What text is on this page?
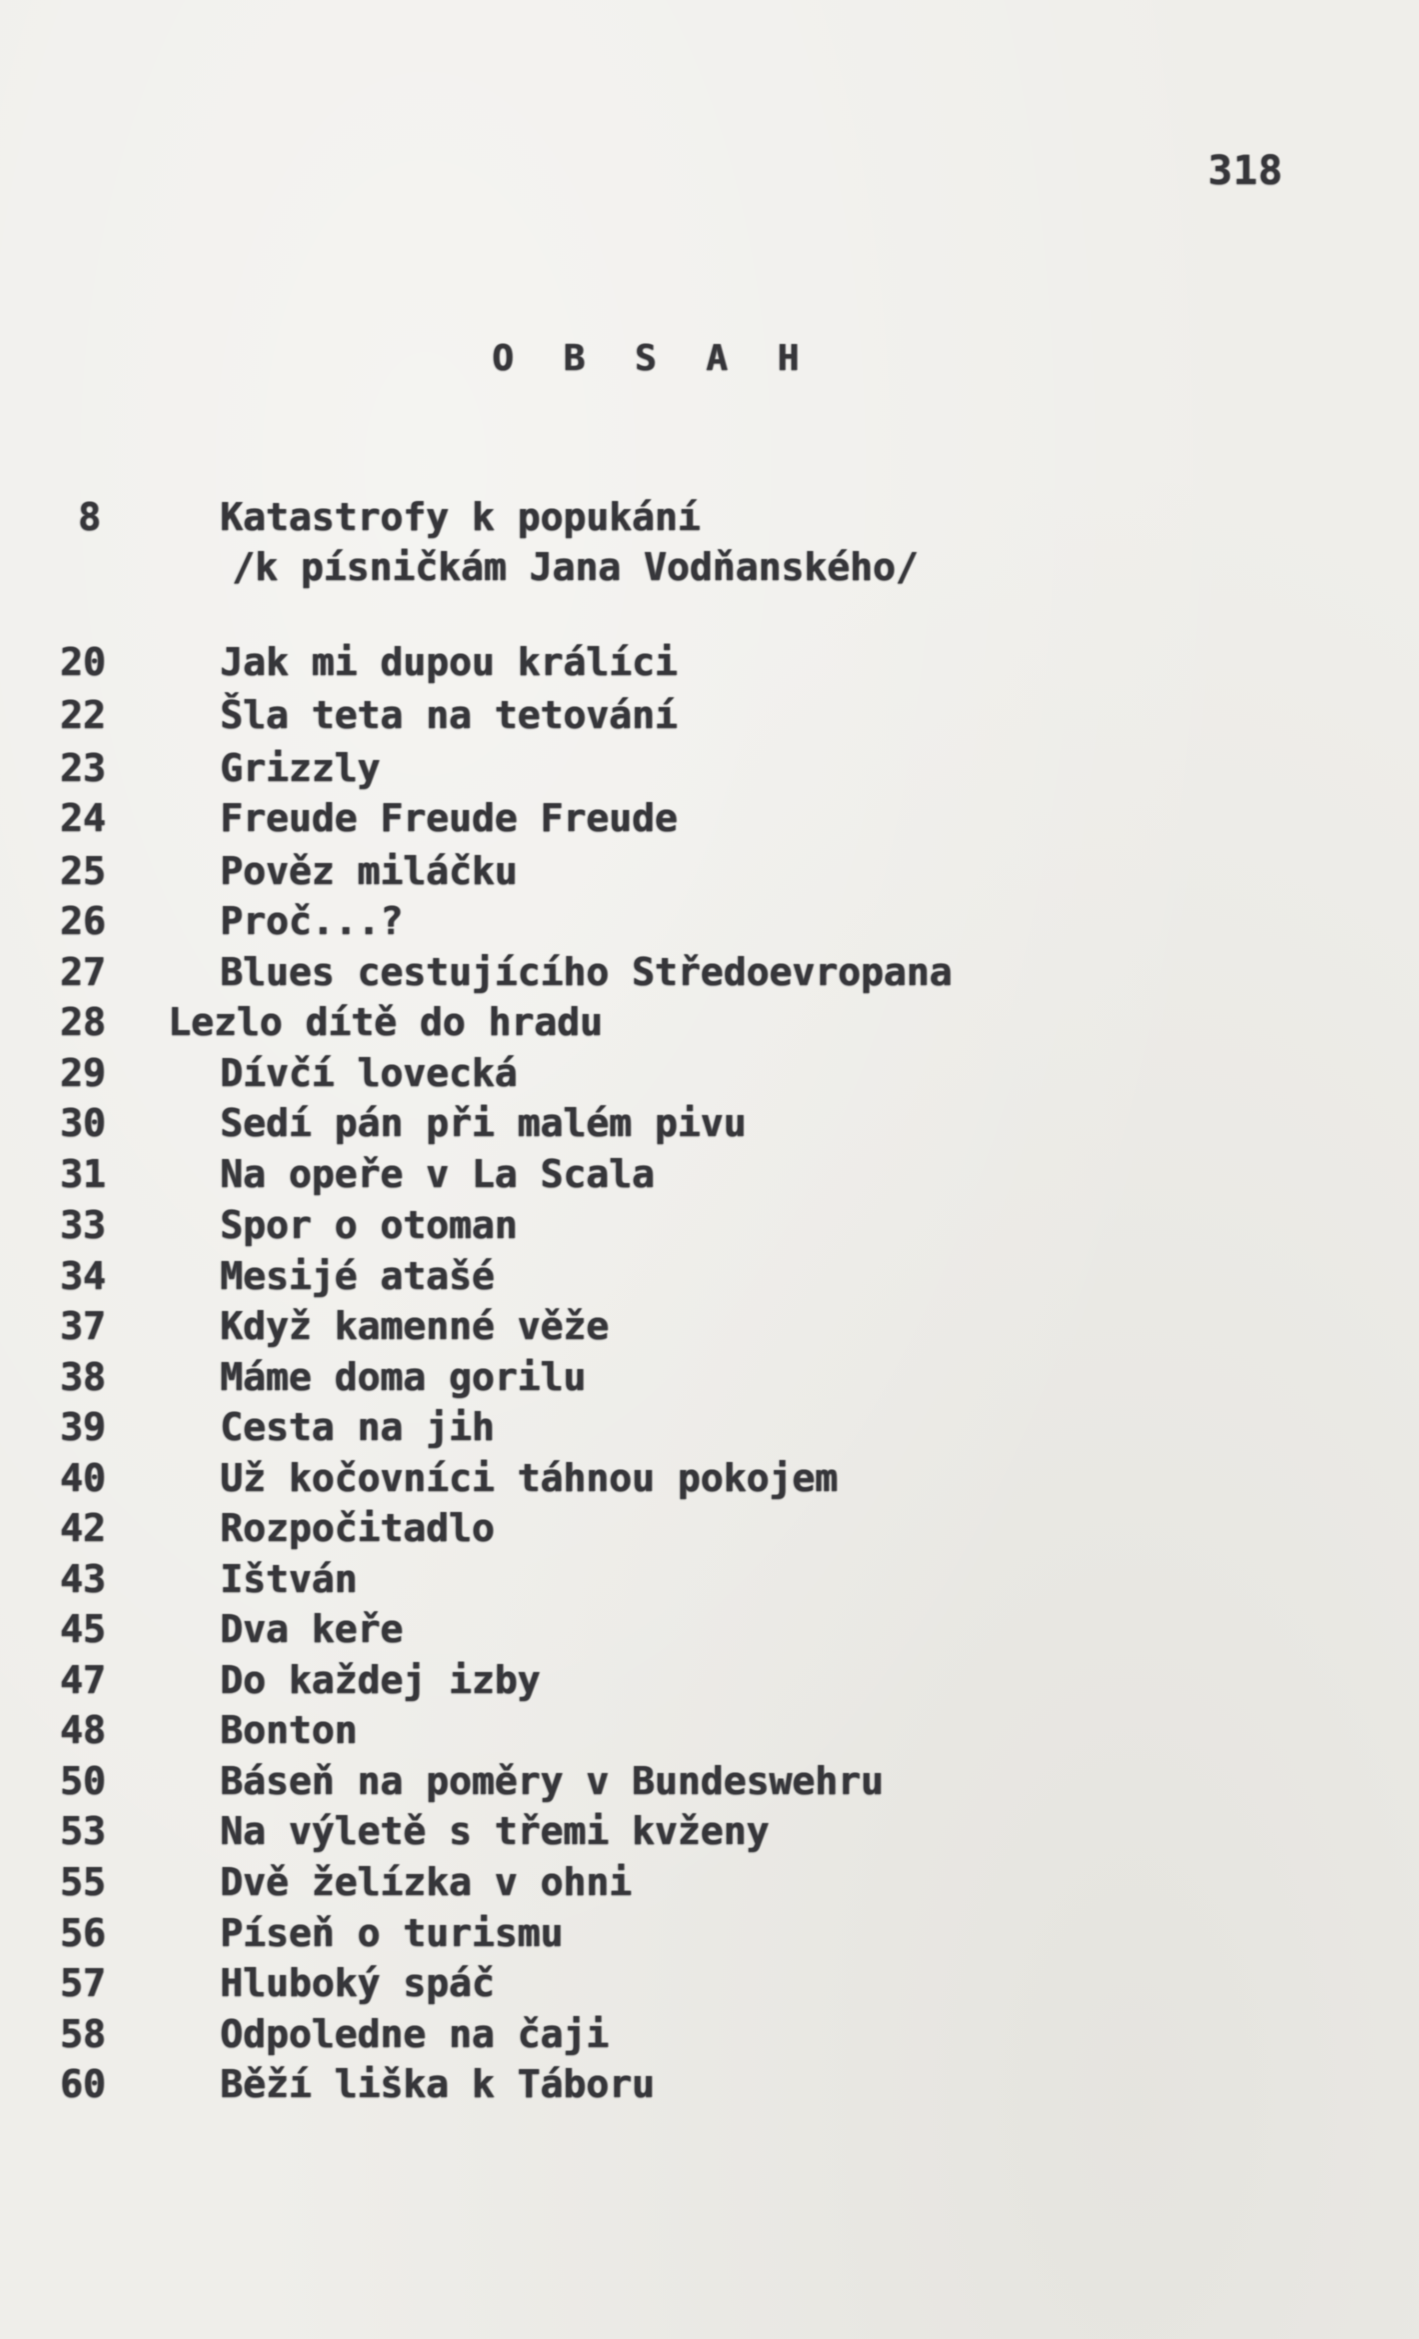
318
O B S A H
8	Katastrofy k popukání
/k písničkám Jana Vodňanského/
20	Jak mi dupou králíci
22	Šla teta na tetování
23	Grizzly
24	Freude Freude Freude
25	Pověz miláčku
26	Proč...?
27	Blues cestujícího Středoevropana
28	Lezlo dítě do hradu
29	Dívčí lovecká
30	Sedí pán při malém pivu
31	Na opeře v La Scala
33	Spor o otoman
34	Mesijé atašé
37	Když kamenné věže
38	Máme doma gorilu
39	Cesta na jih
40	Už kočovníci táhnou pokojem
42	Rozpočitadlo
43	Ištván
45	Dva keře
47	Do každej izby
48	Bonton
50	Báseň na poměry v Bundeswehru
53	Na výletě s třemi kvženy
55	Dvě želízka v ohni
56	Píseň o turismu
57	Hluboký spáč
58	Odpoledne na čaji
60	Běží liška k Táboru
